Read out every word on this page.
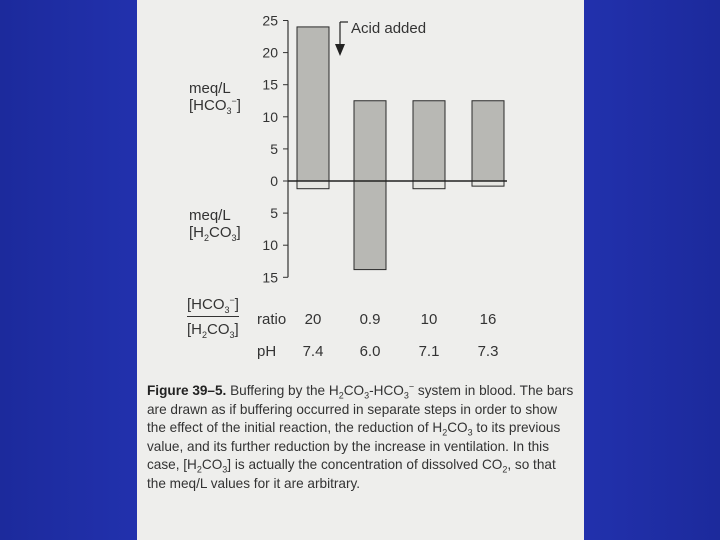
25
20
15
10
5
0
5
10
15
Acid added
ratio
pH
20
7.4
0.9
6.0
10
7.1
16
7.3
meq/L
$[HCO_3^-]$
meq/L
$[H_2CO_3]$
$[HCO_3^-]$
$[H_2CO_3]$
Figure 39–5. Buffering by the $H_2CO_3-HCO_3^-$ system in blood. The bars are drawn as if buffering occurred in separate steps in order to show the effect of the initial reaction, the reduction of $H_2CO_3$ to its previous value, and its further reduction by the increase in ventilation. In this case, $[H_2CO_3]$ is actually the concentration of dissolved $CO_2$, so that the meq/L values for it are arbitrary.
